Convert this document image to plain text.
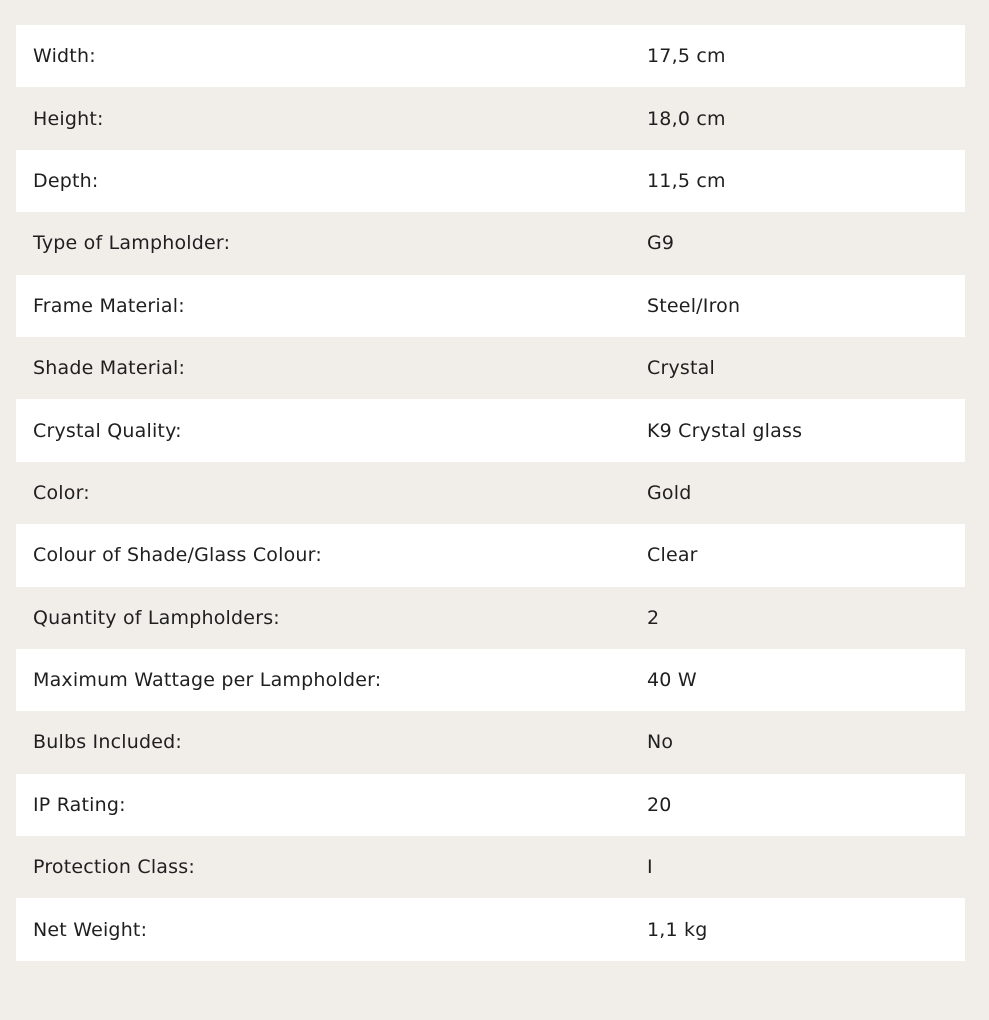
Width:	17,5 cm
Height:	18,0 cm
Depth:	11,5 cm
Type of Lampholder:	G9
Frame Material:	Steel/Iron
Shade Material:	Crystal
Crystal Quality:	K9 Crystal glass
Color:	Gold
Colour of Shade/Glass Colour:	Clear
Quantity of Lampholders:	2
Maximum Wattage per Lampholder:	40 W
Bulbs Included:	No
IP Rating:	20
Protection Class:	I
Net Weight:	1,1 kg
